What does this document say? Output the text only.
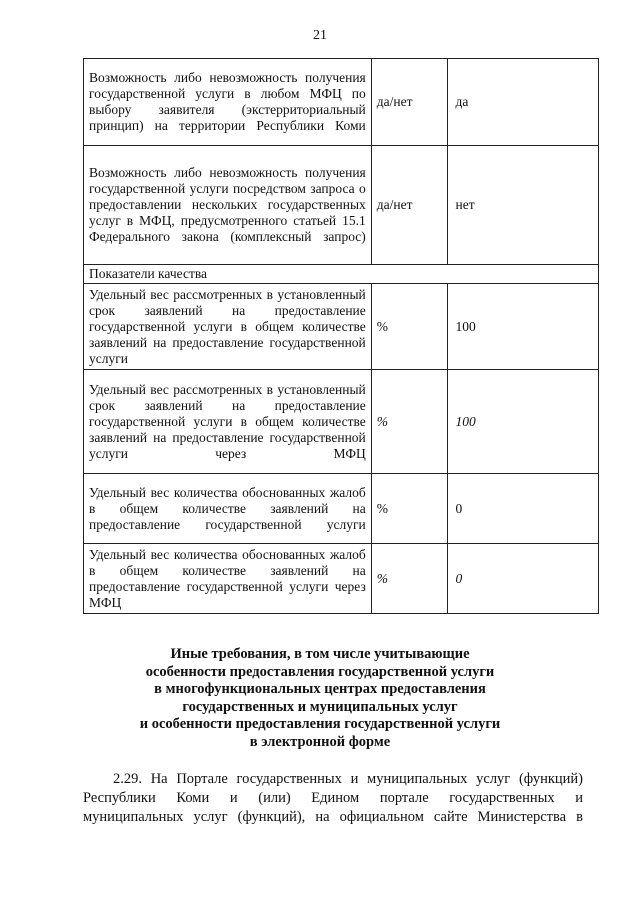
21
Возможность либо невозможность получения государственной услуги в любом МФЦ по выбору заявителя (экстерриториальный принцип) на территории Республики Коми	да/нет	да
Возможность либо невозможность получения государственной услуги посредством запроса о предоставлении нескольких государственных услуг в МФЦ, предусмотренного статьей 15.1 Федерального закона (комплексный запрос)	да/нет	нет
Показатели качества		
Удельный вес рассмотренных в установленный срок заявлений на предоставление государственной услуги в общем количестве заявлений на предоставление государственной услуги	%	100
Удельный вес рассмотренных в установленный срок заявлений на предоставление государственной услуги в общем количестве заявлений на предоставление государственной услуги через МФЦ	%	100
Удельный вес количества обоснованных жалоб в общем количестве заявлений на предоставление государственной услуги	%	0
Удельный вес количества обоснованных жалоб в общем количестве заявлений на предоставление государственной услуги через МФЦ	%	0
Иные требования, в том числе учитывающие
особенности предоставления государственной услуги
в многофункциональных центрах предоставления
государственных и муниципальных услуг
и особенности предоставления государственной услуги
в электронной форме
2.29. На Портале государственных и муниципальных услуг (функций)
Республики Коми и (или) Едином портале государственных и
муниципальных услуг (функций), на официальном сайте Министерства в
